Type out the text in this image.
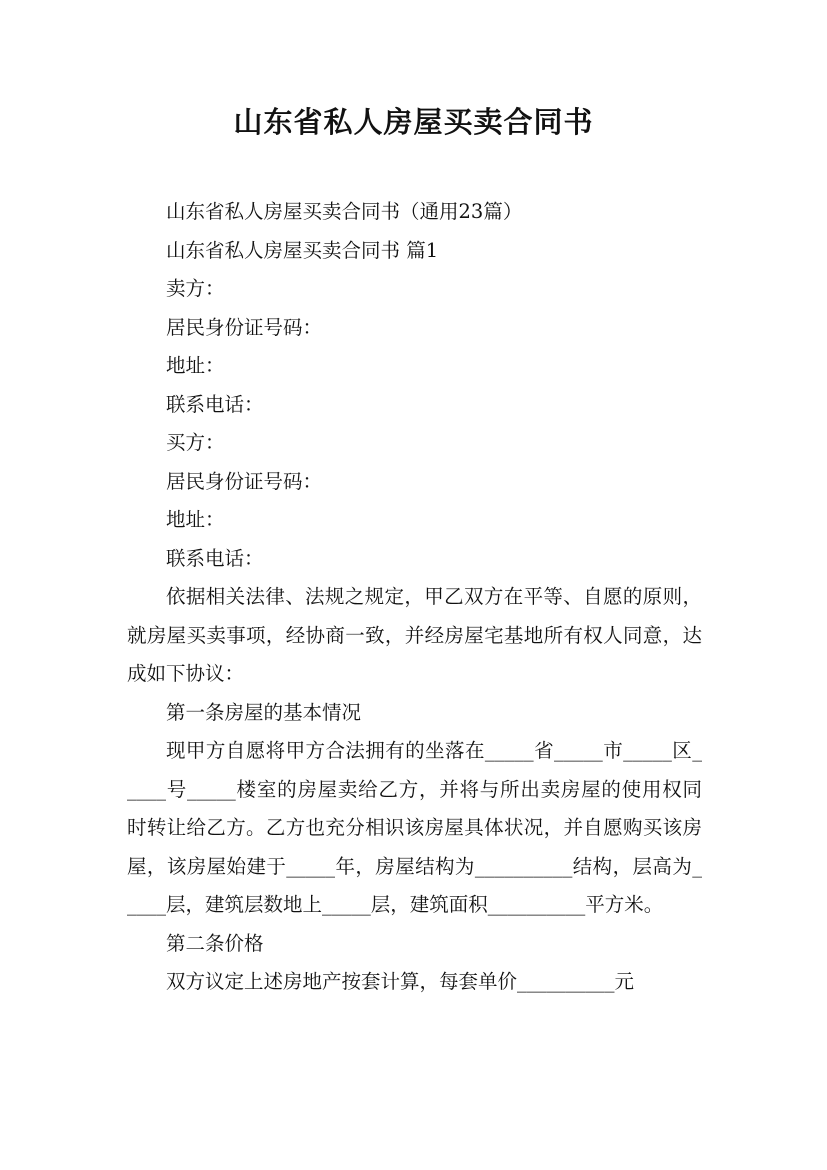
山东省私人房屋买卖合同书

山东省私人房屋买卖合同书（通用23篇）

山东省私人房屋买卖合同书 篇1

卖方：

居民身份证号码：

地址：

联系电话：

买方：

居民身份证号码：

地址：

联系电话：

依据相关法律、法规之规定，甲乙双方在平等、自愿的原则，就房屋买卖事项，经协商一致，并经房屋宅基地所有权人同意，达成如下协议：

第一条房屋的基本情况

现甲方自愿将甲方合法拥有的坐落在_____省_____市_____区_____号_____楼室的房屋卖给乙方，并将与所出卖房屋的使用权同时转让给乙方。乙方也充分相识该房屋具体状况，并自愿购买该房屋，该房屋始建于_____年，房屋结构为__________结构，层高为_____层，建筑层数地上_____层，建筑面积__________平方米。

第二条价格

双方议定上述房地产按套计算，每套单价__________元
